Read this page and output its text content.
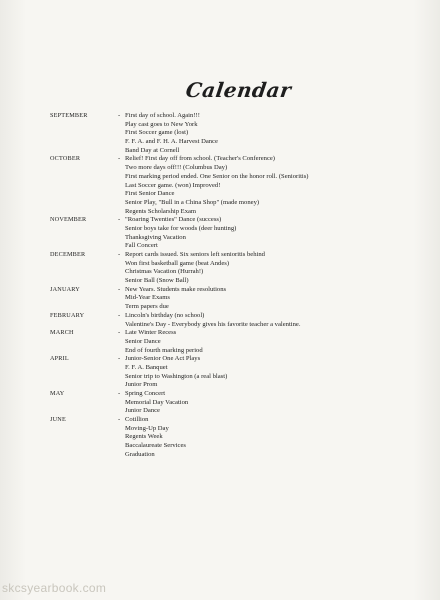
Calendar
SEPTEMBER	- First day of school. Again!!!
Play cast goes to New York
First Soccer game (lost)
F. F. A. and F. H. A. Harvest Dance
Band Day at Cornell
OCTOBER	- Relief! First day off from school. (Teacher's Conference)
Two more days off!!! (Columbus Day)
First marking period ended. One Senior on the honor roll. (Senioritis)
Last Soccer game. (won) Improved!
First Senior Dance
Senior Play, "Bull in a China Shop" (made money)
Regents Scholarship Exam
NOVEMBER	- "Roaring Twenties" Dance (success)
Senior boys take for woods (deer hunting)
Thanksgiving Vacation
Fall Concert
DECEMBER	- Report cards issued. Six seniors left senioritis behind
Won first basketball game (beat Andes)
Christmas Vacation (Hurrah!)
Senior Ball (Snow Ball)
JANUARY	- New Years. Students make resolutions
Mid-Year Exams
Term papers due
FEBRUARY	- Lincoln's birthday (no school)
Valentine's Day - Everybody gives his favorite teacher a valentine.
MARCH	- Late Winter Recess
Senior Dance
End of fourth marking period
APRIL	- Junior-Senior One Act Plays
F. F. A. Banquet
Senior trip to Washington (a real blast)
Junior Prom
MAY	- Spring Concert
Memorial Day Vacation
Junior Dance
JUNE	- Cotillion
Moving-Up Day
Regents Week
Baccalaureate Services
Graduation
skcsyearbook.com
